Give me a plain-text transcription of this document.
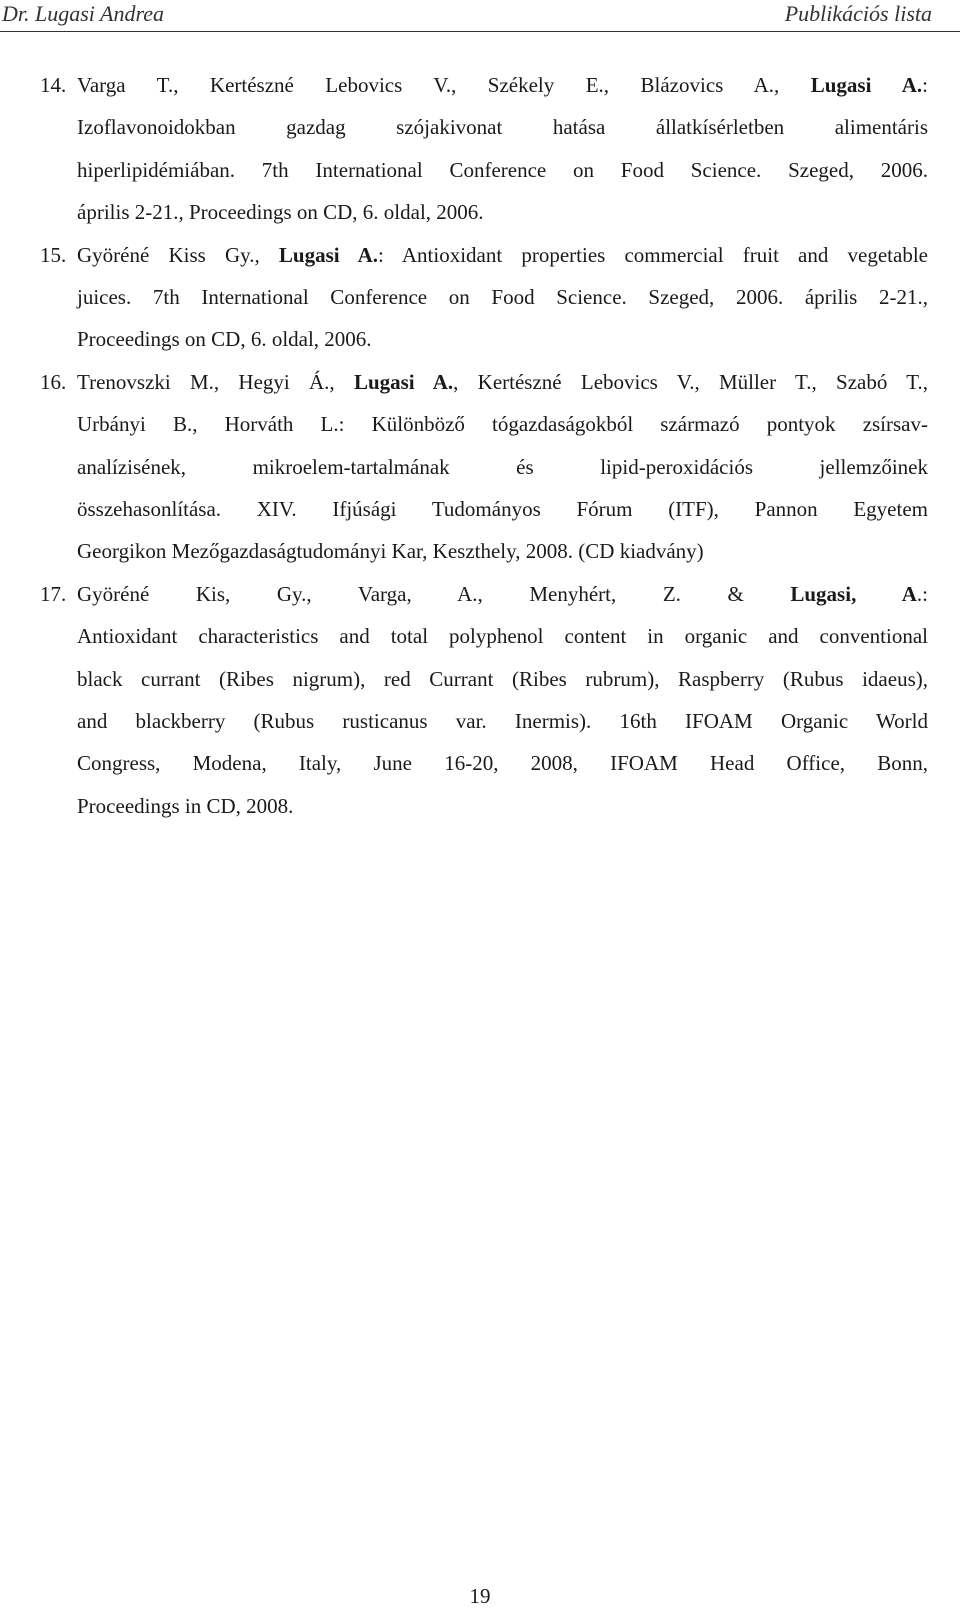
Dr. Lugasi Andrea	Publikációs lista
14. Varga T., Kertészné Lebovics V., Székely E., Blázovics A., Lugasi A.:
Izoflavonoidokban gazdag szójakivonat hatása állatkísérletben alimentáris
hiperlipidémiában. 7th International Conference on Food Science. Szeged, 2006.
április 2-21., Proceedings on CD, 6. oldal, 2006.
15. Györéné Kiss Gy., Lugasi A.: Antioxidant properties commercial fruit and vegetable
juices. 7th International Conference on Food Science. Szeged, 2006. április 2-21.,
Proceedings on CD, 6. oldal, 2006.
16. Trenovszki M., Hegyi Á., Lugasi A., Kertészné Lebovics V., Müller T., Szabó T.,
Urbányi B., Horváth L.: Különböző tógazdaságokból származó pontyok zsírsav-
analízisének, mikroelem-tartalmának és lipid-peroxidációs jellemzőinek
összehasonlítása. XIV. Ifjúsági Tudományos Fórum (ITF), Pannon Egyetem
Georgikon Mezőgazdaságtudományi Kar, Keszthely, 2008. (CD kiadvány)
17. Györéné Kis, Gy., Varga, A., Menyhért, Z. & Lugasi, A.:
Antioxidant characteristics and total polyphenol content in organic and conventional
black currant (Ribes nigrum), red Currant (Ribes rubrum), Raspberry (Rubus idaeus),
and blackberry (Rubus rusticanus var. Inermis). 16th IFOAM Organic World
Congress, Modena, Italy, June 16-20, 2008, IFOAM Head Office, Bonn,
Proceedings in CD, 2008.
19
